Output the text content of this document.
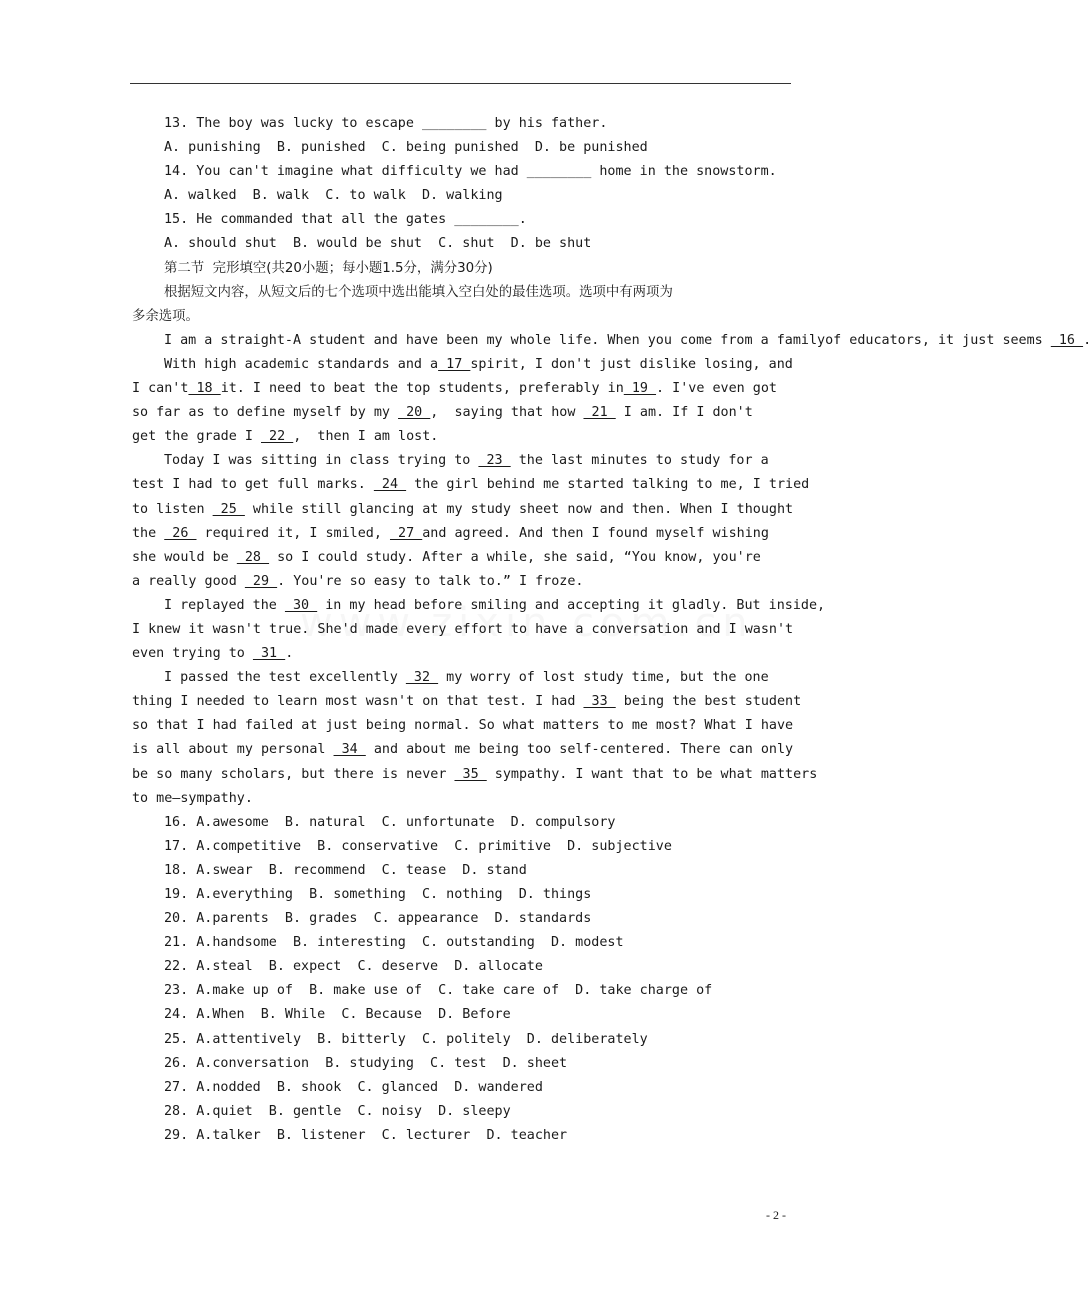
13. The boy was lucky to escape ________ by his father.
A. punishing  B. punished  C. being punished  D. be punished
14. You can't imagine what difficulty we had ________ home in the snowstorm.
A. walked  B. walk  C. to walk  D. walking
15. He commanded that all the gates ________.
A. should shut  B. would be shut  C. shut  D. be shut
第二节  完形填空(共20小题；每小题1.5分，满分30分)
根据短文内容，从短文后的七个选项中选出能填入空白处的最佳选项。选项中有两项为
多余选项。
I am a straight-A student and have been my whole life. When you come from a familyof educators, it just seems  16 .
With high academic standards and a 17 spirit, I don't just dislike losing, and
I can't 18 it. I need to beat the top students, preferably in 19 . I've even got
so far as to define myself by my  20 ,  saying that how  21  I am. If I don't
get the grade I  22 ,  then I am lost.
Today I was sitting in class trying to  23  the last minutes to study for a
test I had to get full marks.  24  the girl behind me started talking to me, I tried
to listen  25  while still glancing at my study sheet now and then. When I thought
the  26  required it, I smiled,  27 and agreed. And then I found myself wishing
she would be  28  so I could study. After a while, she said, “You know, you're
a really good  29 . You're so easy to talk to.” I froze.
I replayed the  30  in my head before smiling and accepting it gladly. But inside,
I knew it wasn't true. She'd made every effort to have a conversation and I wasn't
even trying to  31 .
I passed the test excellently  32  my worry of lost study time, but the one
thing I needed to learn most wasn't on that test. I had  33  being the best student
so that I had failed at just being normal. So what matters to me most? What I have
is all about my personal  34  and about me being too self-centered. There can only
be so many scholars, but there is never  35  sympathy. I want that to be what matters
to me—sympathy.
16. A.awesome  B. natural  C. unfortunate  D. compulsory
17. A.competitive  B. conservative  C. primitive  D. subjective
18. A.swear  B. recommend  C. tease  D. stand
19. A.everything  B. something  C. nothing  D. things
20. A.parents  B. grades  C. appearance  D. standards
21. A.handsome  B. interesting  C. outstanding  D. modest
22. A.steal  B. expect  C. deserve  D. allocate
23. A.make up of  B. make use of  C. take care of  D. take charge of
24. A.When  B. While  C. Because  D. Before
25. A.attentively  B. bitterly  C. politely  D. deliberately
26. A.conversation  B. studying  C. test  D. sheet
27. A.nodded  B. shook  C. glanced  D. wandered
28. A.quiet  B. gentle  C. noisy  D. sleepy
29. A.talker  B. listener  C. lecturer  D. teacher
- 2 -
